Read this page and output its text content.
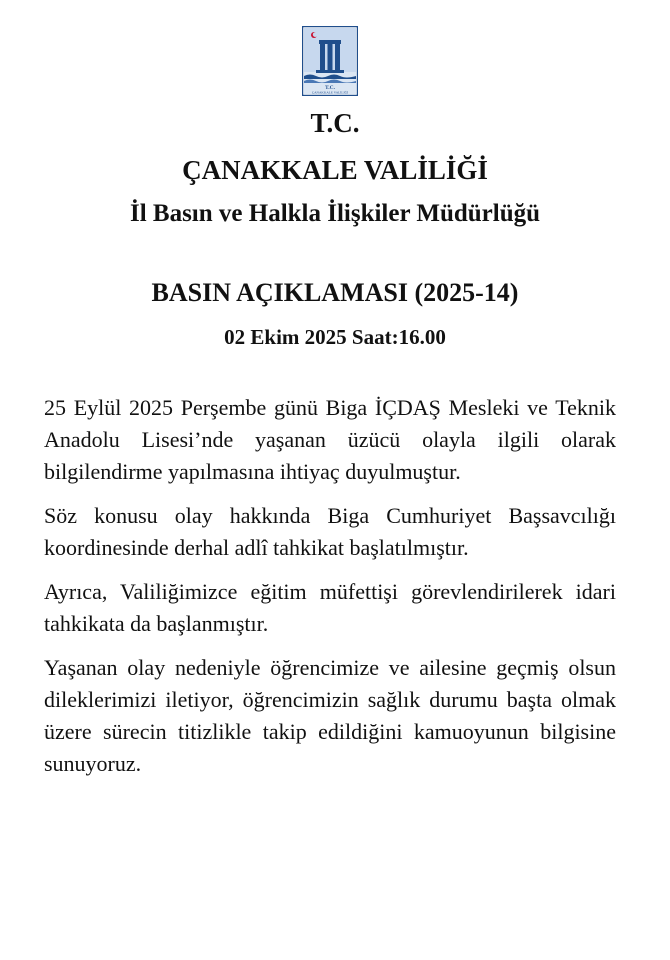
T.C.
ÇANAKKALE VALİLİĞİ
T.C.
ÇANAKKALE VALİLİĞİ
İl Basın ve Halkla İlişkiler Müdürlüğü
BASIN AÇIKLAMASI (2025-14)
02 Ekim 2025 Saat:16.00

25 Eylül 2025 Perşembe günü Biga İÇDAŞ Mesleki ve Teknik Anadolu Lisesi’nde yaşanan üzücü olayla ilgili olarak bilgilendirme yapılmasına ihtiyaç duyulmuştur.

Söz konusu olay hakkında Biga Cumhuriyet Başsavcılığı koordinesinde derhal adlî tahkikat başlatılmıştır.

Ayrıca, Valiliğimizce eğitim müfettişi görevlendirilerek idari tahkikata da başlanmıştır.

Yaşanan olay nedeniyle öğrencimize ve ailesine geçmiş olsun dileklerimizi iletiyor, öğrencimizin sağlık durumu başta olmak üzere sürecin titizlikle takip edildiğini kamuoyunun bilgisine sunuyoruz.
